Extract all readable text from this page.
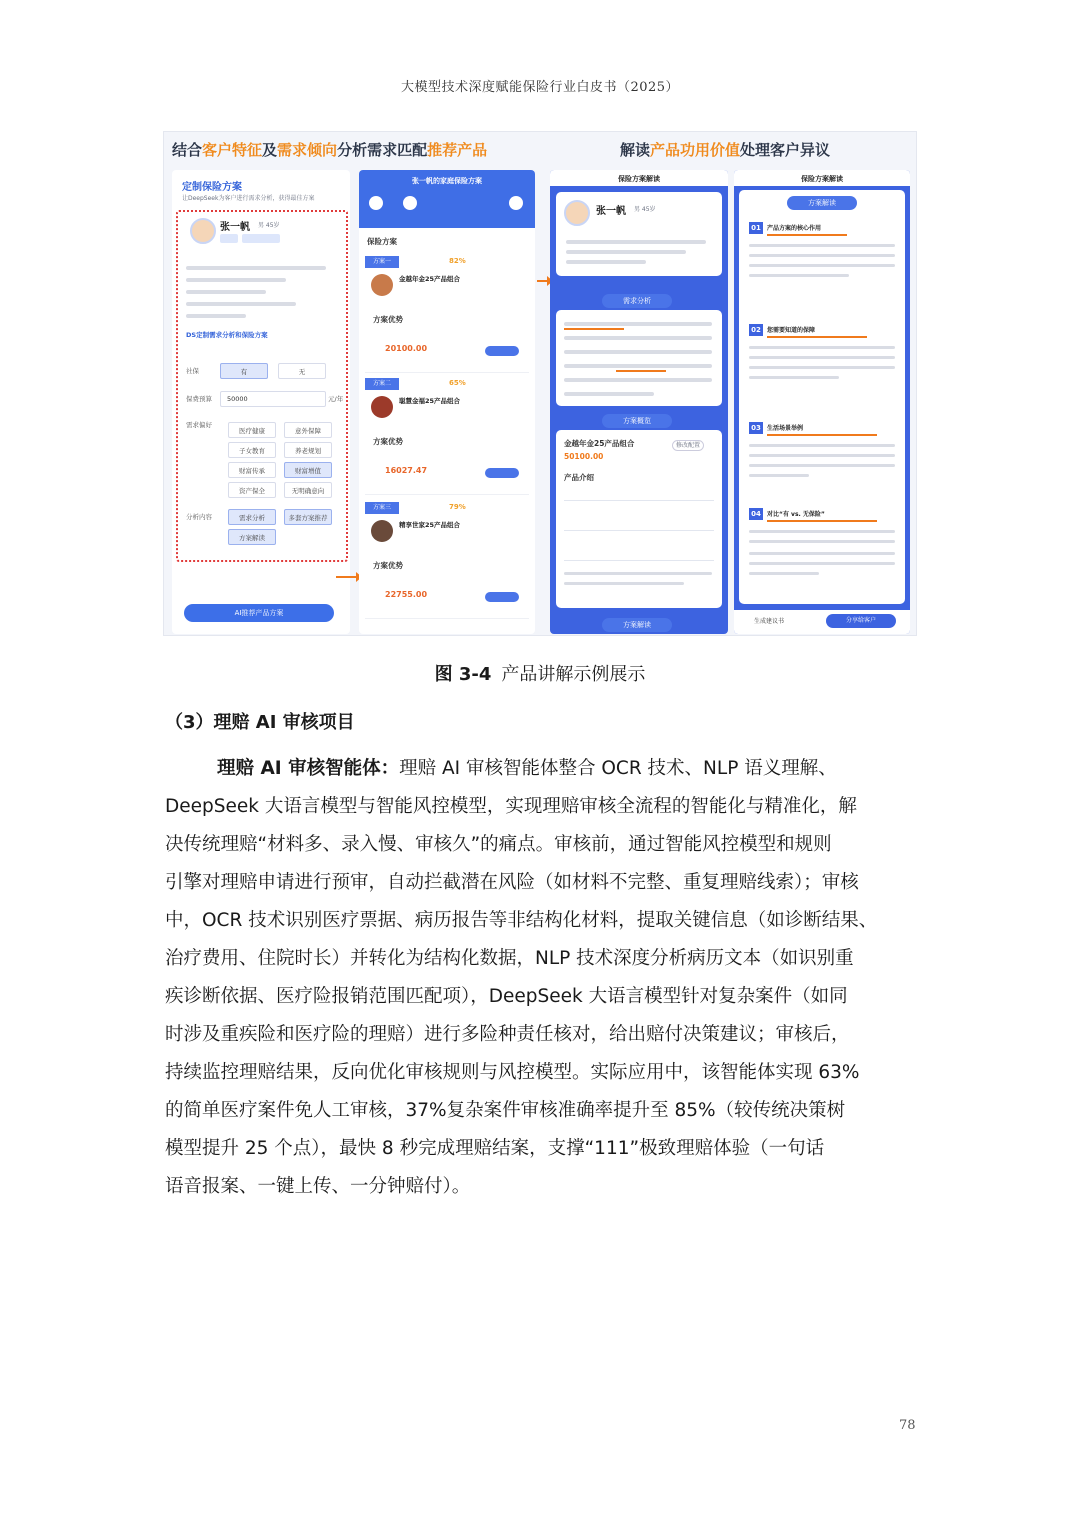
大模型技术深度赋能保险行业白皮书（2025）
结合客户特征及需求倾向分析需求匹配推荐产品	解读产品功用价值处理客户异议
定制保险方案
让DeepSeek为客户进行需求分析，获得最佳方案
张一帆 男 45岁
DS定制需求分析和保险方案
社保	有	无
保费预算 50000	元/年
需求偏好
医疗健康	意外保障
子女教育	养老规划
财富传承	财富增值
资产保全	无明确意向
分析内容	需求分析	多套方案推荐
方案解读
AI推荐产品方案
张一帆的家庭保险方案
保险方案
方案一	82%
金越年金25产品组合
方案优势
20100.00
方案二	65%
聪慧金福25产品组合
方案优势
16027.47
方案三	79%
精享世家25产品组合
方案优势
22755.00
保险方案解读
张一帆 男 45岁
需求分析
方案概览
金越年金25产品组合	修改配置
50100.00
产品介绍
方案解读
保险方案解读
方案解读
01	产品方案的核心作用
02	您需要知道的保障
03	生活场景举例
04	对比“有 vs. 无保险”
生成建议书	分享给客户
图 3-4 产品讲解示例展示
（3）理赔 AI 审核项目
理赔 AI 审核智能体：理赔 AI 审核智能体整合 OCR 技术、NLP 语义理解、
DeepSeek 大语言模型与智能风控模型，实现理赔审核全流程的智能化与精准化，解
决传统理赔“材料多、录入慢、审核久”的痛点。审核前，通过智能风控模型和规则
引擎对理赔申请进行预审，自动拦截潜在风险（如材料不完整、重复理赔线索）；审核
中，OCR 技术识别医疗票据、病历报告等非结构化材料，提取关键信息（如诊断结果、
治疗费用、住院时长）并转化为结构化数据，NLP 技术深度分析病历文本（如识别重
疾诊断依据、医疗险报销范围匹配项），DeepSeek 大语言模型针对复杂案件（如同
时涉及重疾险和医疗险的理赔）进行多险种责任核对，给出赔付决策建议；审核后，
持续监控理赔结果，反向优化审核规则与风控模型。实际应用中，该智能体实现 63%
的简单医疗案件免人工审核，37%复杂案件审核准确率提升至 85%（较传统决策树
模型提升 25 个点），最快 8 秒完成理赔结案，支撑“111”极致理赔体验（一句话
语音报案、一键上传、一分钟赔付）。
78
